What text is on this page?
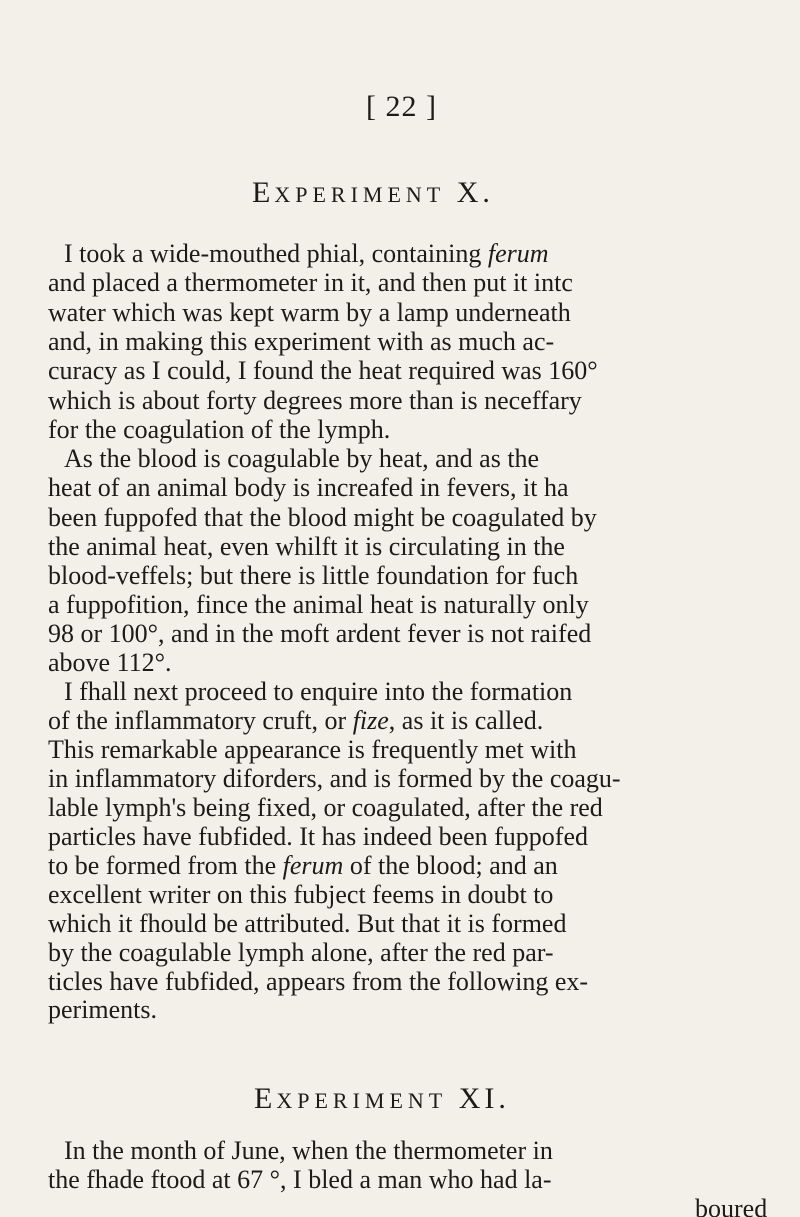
[ 22 ]
EXPERIMENT X.
I took a wide-mouthed phial, containing ferum
and placed a thermometer in it, and then put it intc
water which was kept warm by a lamp underneath
and, in making this experiment with as much ac-
curacy as I could, I found the heat required was 160°
which is about forty degrees more than is neceffary
for the coagulation of the lymph.
As the blood is coagulable by heat, and as the
heat of an animal body is increafed in fevers, it ha
been fuppofed that the blood might be coagulated by
the animal heat, even whilft it is circulating in the
blood-veffels; but there is little foundation for fuch
a fuppofition, fince the animal heat is naturally only
98 or 100°, and in the moft ardent fever is not raifed
above 112°.
I fhall next proceed to enquire into the formation
of the inflammatory cruft, or fize, as it is called.
This remarkable appearance is frequently met with
in inflammatory diforders, and is formed by the coagu-
lable lymph's being fixed, or coagulated, after the red
particles have fubfided. It has indeed been fuppofed
to be formed from the ferum of the blood; and an
excellent writer on this fubject feems in doubt to
which it fhould be attributed. But that it is formed
by the coagulable lymph alone, after the red par-
ticles have fubfided, appears from the following ex-
periments.
EXPERIMENT XI.
In the month of June, when the thermometer in
the fhade ftood at 67 °, I bled a man who had la-
boured
